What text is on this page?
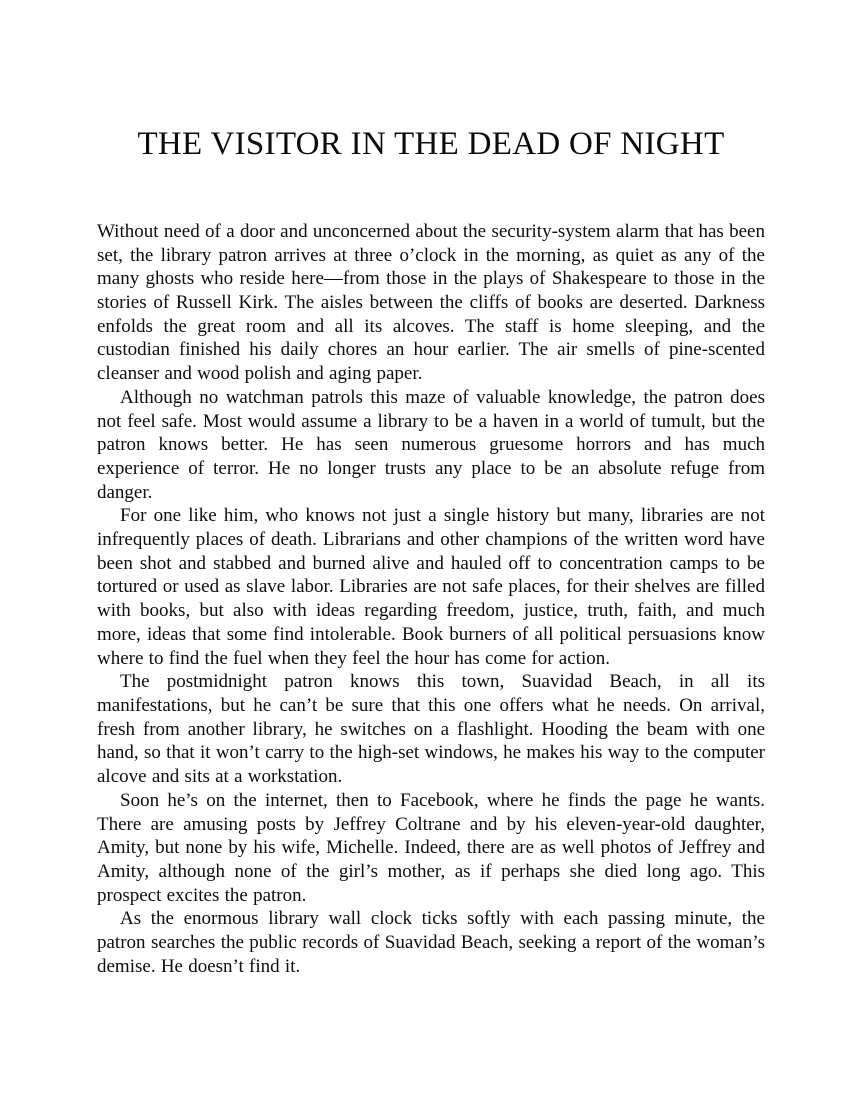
THE VISITOR IN THE DEAD OF NIGHT

Without need of a door and unconcerned about the security-system alarm that has been set, the library patron arrives at three o’clock in the morning, as quiet as any of the many ghosts who reside here—from those in the plays of Shakespeare to those in the stories of Russell Kirk. The aisles between the cliffs of books are deserted. Darkness enfolds the great room and all its alcoves. The staff is home sleeping, and the custodian finished his daily chores an hour earlier. The air smells of pine-scented cleanser and wood polish and aging paper.

Although no watchman patrols this maze of valuable knowledge, the patron does not feel safe. Most would assume a library to be a haven in a world of tumult, but the patron knows better. He has seen numerous gruesome horrors and has much experience of terror. He no longer trusts any place to be an absolute refuge from danger.

For one like him, who knows not just a single history but many, libraries are not infrequently places of death. Librarians and other champions of the written word have been shot and stabbed and burned alive and hauled off to concentration camps to be tortured or used as slave labor. Libraries are not safe places, for their shelves are filled with books, but also with ideas regarding freedom, justice, truth, faith, and much more, ideas that some find intolerable. Book burners of all political persuasions know where to find the fuel when they feel the hour has come for action.

The postmidnight patron knows this town, Suavidad Beach, in all its manifestations, but he can’t be sure that this one offers what he needs. On arrival, fresh from another library, he switches on a flashlight. Hooding the beam with one hand, so that it won’t carry to the high-set windows, he makes his way to the computer alcove and sits at a workstation.

Soon he’s on the internet, then to Facebook, where he finds the page he wants. There are amusing posts by Jeffrey Coltrane and by his eleven-year-old daughter, Amity, but none by his wife, Michelle. Indeed, there are as well photos of Jeffrey and Amity, although none of the girl’s mother, as if perhaps she died long ago. This prospect excites the patron.

As the enormous library wall clock ticks softly with each passing minute, the patron searches the public records of Suavidad Beach, seeking a report of the woman’s demise. He doesn’t find it.
